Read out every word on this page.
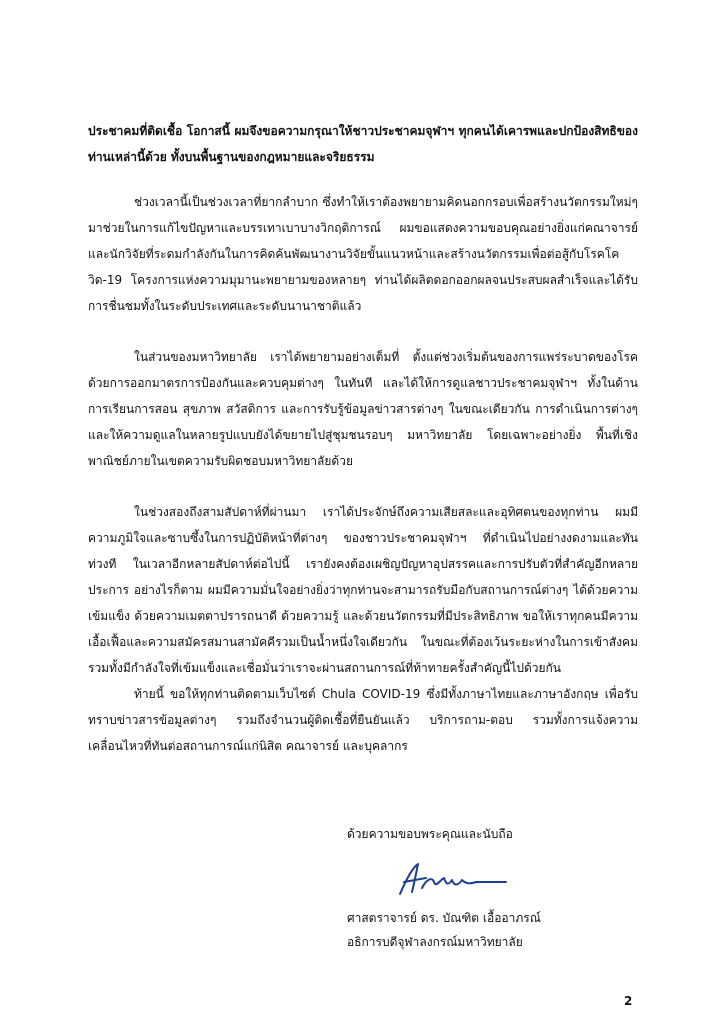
ประชาคมที่ติดเชื้อ โอกาสนี้ ผมจึงขอความกรุณาให้ชาวประชาคมจุฬาฯ ทุกคนได้เคารพและปกป้องสิทธิของท่านเหล่านี้ด้วย ทั้งบนพื้นฐานของกฎหมายและจริยธรรม

ช่วงเวลานี้เป็นช่วงเวลาที่ยากลำบาก ซึ่งทำให้เราต้องพยายามคิดนอกกรอบเพื่อสร้างนวัตกรรมใหม่ๆ มาช่วยในการแก้ไขปัญหาและบรรเทาเบาบางวิกฤติการณ์ ผมขอแสดงความขอบคุณอย่างยิ่งแก่คณาจารย์และนักวิจัยที่ระดมกำลังกันในการคิดค้นพัฒนางานวิจัยขั้นแนวหน้าและสร้างนวัตกรรมเพื่อต่อสู้กับโรคโควิด-19 โครงการแห่งความมุมานะพยายามของหลายๆ ท่านได้ผลิตดอกออกผลจนประสบผลสำเร็จและได้รับการชื่นชมทั้งในระดับประเทศและระดับนานาชาติแล้ว

ในส่วนของมหาวิทยาลัย เราได้พยายามอย่างเต็มที่ ตั้งแต่ช่วงเริ่มต้นของการแพร่ระบาดของโรคด้วยการออกมาตรการป้องกันและควบคุมต่างๆ ในทันที และได้ให้การดูแลชาวประชาคมจุฬาฯ ทั้งในด้านการเรียนการสอน สุขภาพ สวัสดิการ และการรับรู้ข้อมูลข่าวสารต่างๆ ในขณะเดียวกัน การดำเนินการต่างๆ และให้ความดูแลในหลายรูปแบบยังได้ขยายไปสู่ชุมชนรอบๆ มหาวิทยาลัย โดยเฉพาะอย่างยิ่ง พื้นที่เชิงพาณิชย์ภายในเขตความรับผิดชอบมหาวิทยาลัยด้วย

ในช่วงสองถึงสามสัปดาห์ที่ผ่านมา เราได้ประจักษ์ถึงความเสียสละและอุทิศตนของทุกท่าน ผมมีความภูมิใจและซาบซึ้งในการปฏิบัติหน้าที่ต่างๆ ของชาวประชาคมจุฬาฯ ที่ดำเนินไปอย่างงดงามและทันท่วงที ในเวลาอีกหลายสัปดาห์ต่อไปนี้ เรายังคงต้องเผชิญปัญหาอุปสรรคและการปรับตัวที่สำคัญอีกหลายประการ อย่างไรก็ตาม ผมมีความมั่นใจอย่างยิ่งว่าทุกท่านจะสามารถรับมือกับสถานการณ์ต่างๆ ได้ด้วยความเข้มแข็ง ด้วยความเมตตาปรารถนาดี ด้วยความรู้ และด้วยนวัตกรรมที่มีประสิทธิภาพ ขอให้เราทุกคนมีความเอื้อเฟื้อและความสมัครสมานสามัคคีรวมเป็นน้ำหนึ่งใจเดียวกัน ในขณะที่ต้องเว้นระยะห่างในการเข้าสังคม รวมทั้งมีกำลังใจที่เข้มแข็งและเชื่อมั่นว่าเราจะผ่านสถานการณ์ที่ท้าทายครั้งสำคัญนี้ไปด้วยกัน

ท้ายนี้ ขอให้ทุกท่านติดตามเว็บไซต์ Chula COVID-19 ซึ่งมีทั้งภาษาไทยและภาษาอังกฤษ เพื่อรับทราบข่าวสารข้อมูลต่างๆ รวมถึงจำนวนผู้ติดเชื้อที่ยืนยันแล้ว บริการถาม-ตอบ รวมทั้งการแจ้งความเคลื่อนไหวที่ทันต่อสถานการณ์แก่นิสิต คณาจารย์ และบุคลากร

ด้วยความขอบพระคุณและนับถือ
ศาสตราจารย์ ดร. บัณฑิต เอื้ออาภรณ์
อธิการบดีจุฬาลงกรณ์มหาวิทยาลัย
2
